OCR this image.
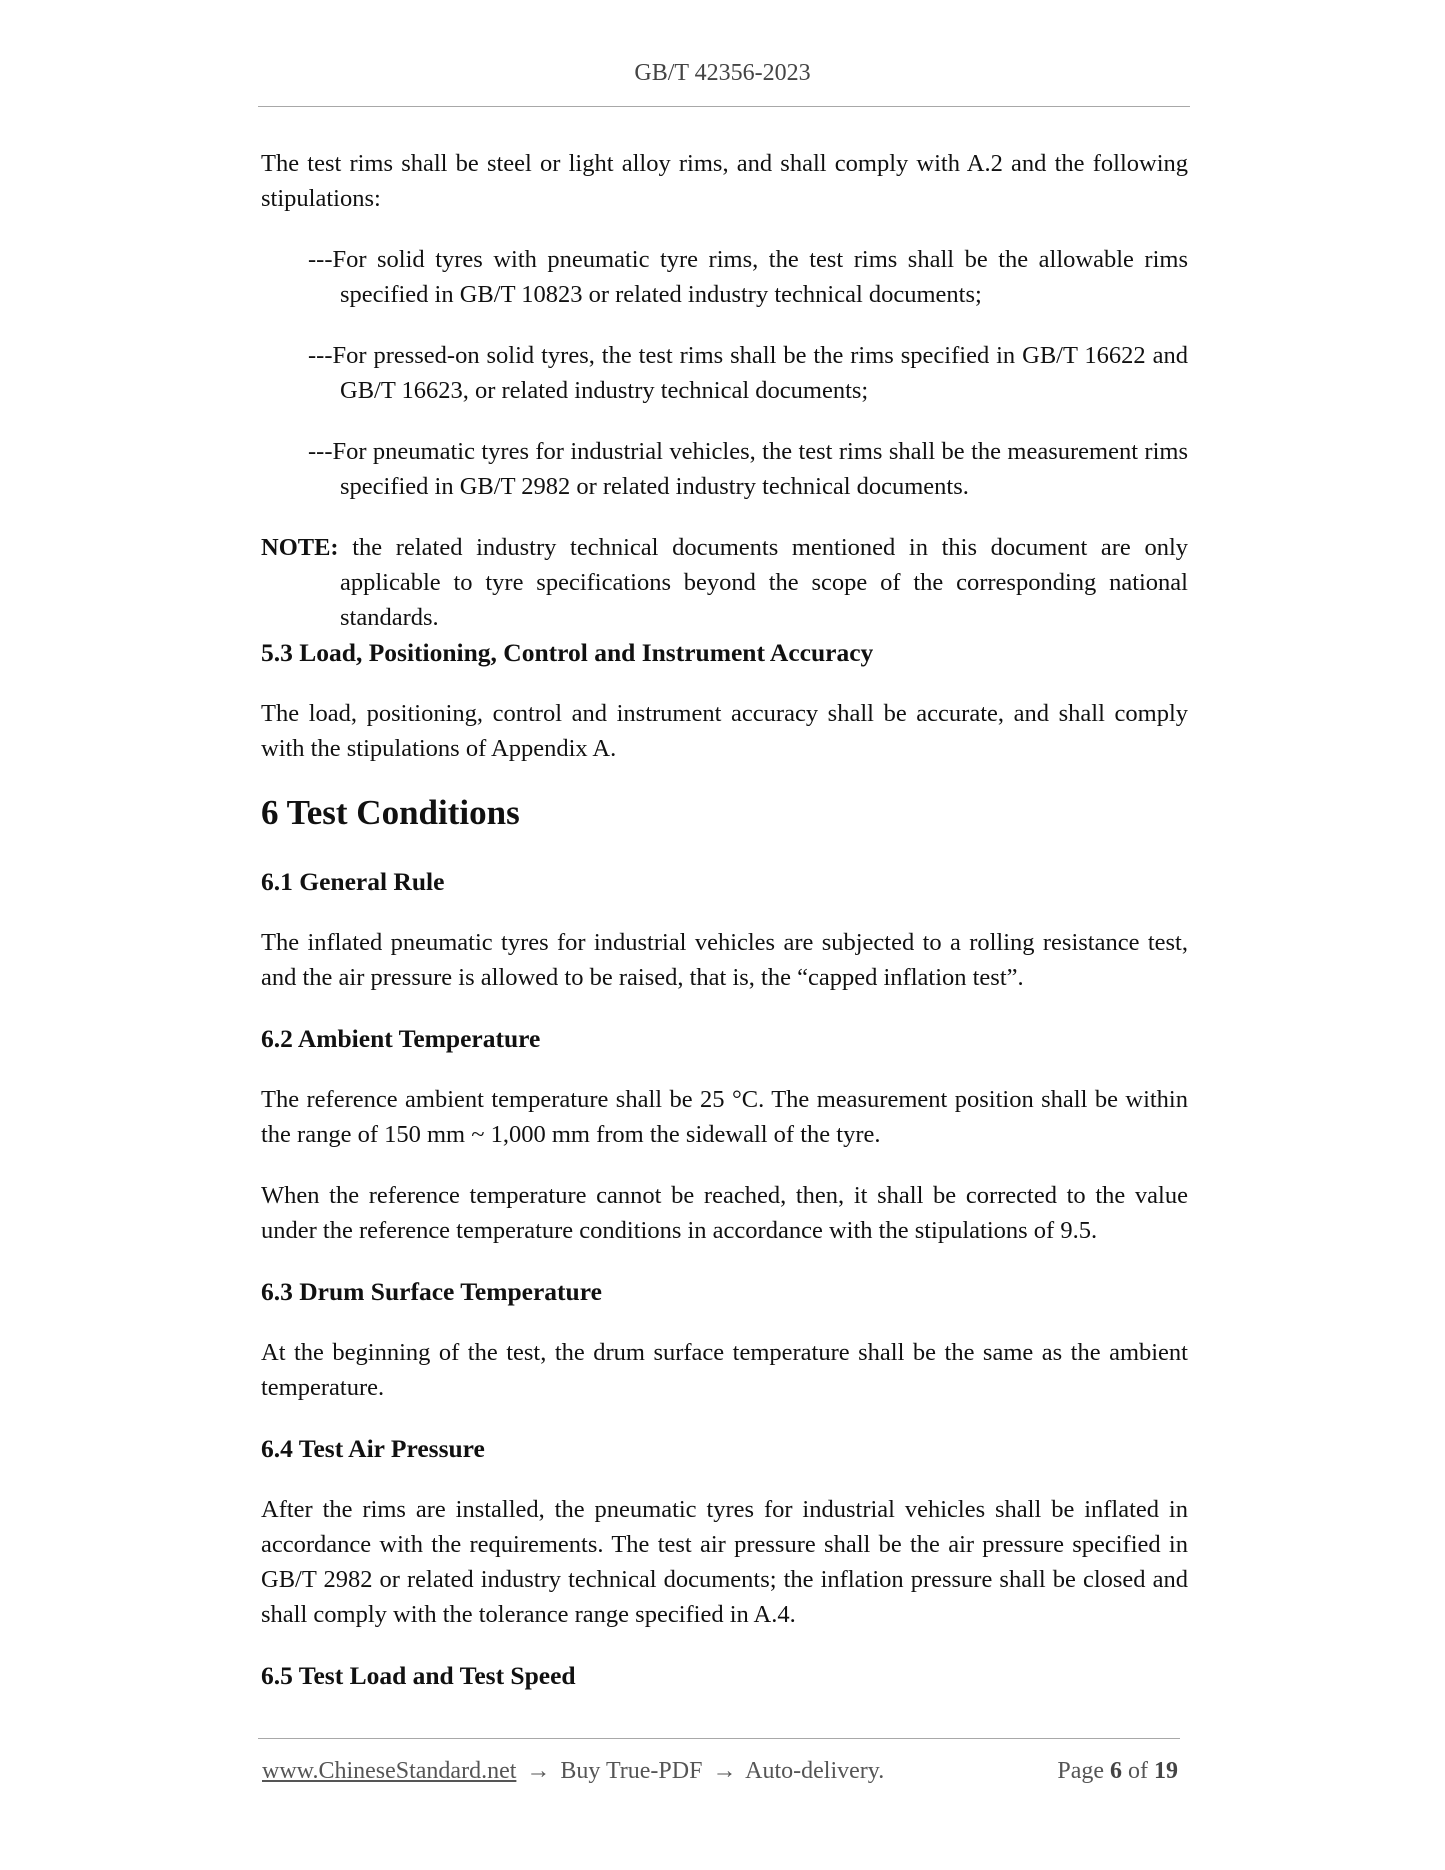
GB/T 42356-2023

The test rims shall be steel or light alloy rims, and shall comply with A.2 and the following stipulations:

---For solid tyres with pneumatic tyre rims, the test rims shall be the allowable rims specified in GB/T 10823 or related industry technical documents;

---For pressed-on solid tyres, the test rims shall be the rims specified in GB/T 16622 and GB/T 16623, or related industry technical documents;

---For pneumatic tyres for industrial vehicles, the test rims shall be the measurement rims specified in GB/T 2982 or related industry technical documents.

NOTE: the related industry technical documents mentioned in this document are only applicable to tyre specifications beyond the scope of the corresponding national standards.

5.3 Load, Positioning, Control and Instrument Accuracy

The load, positioning, control and instrument accuracy shall be accurate, and shall comply with the stipulations of Appendix A.

6 Test Conditions
6.1 General Rule

The inflated pneumatic tyres for industrial vehicles are subjected to a rolling resistance test, and the air pressure is allowed to be raised, that is, the “capped inflation test”.

6.2 Ambient Temperature

The reference ambient temperature shall be 25 °C. The measurement position shall be within the range of 150 mm ~ 1,000 mm from the sidewall of the tyre.

When the reference temperature cannot be reached, then, it shall be corrected to the value under the reference temperature conditions in accordance with the stipulations of 9.5.

6.3 Drum Surface Temperature

At the beginning of the test, the drum surface temperature shall be the same as the ambient temperature.

6.4 Test Air Pressure

After the rims are installed, the pneumatic tyres for industrial vehicles shall be inflated in accordance with the requirements. The test air pressure shall be the air pressure specified in GB/T 2982 or related industry technical documents; the inflation pressure shall be closed and shall comply with the tolerance range specified in A.4.

6.5 Test Load and Test Speed
www.ChineseStandard.net → Buy True-PDF → Auto-delivery.	Page 6 of 19
